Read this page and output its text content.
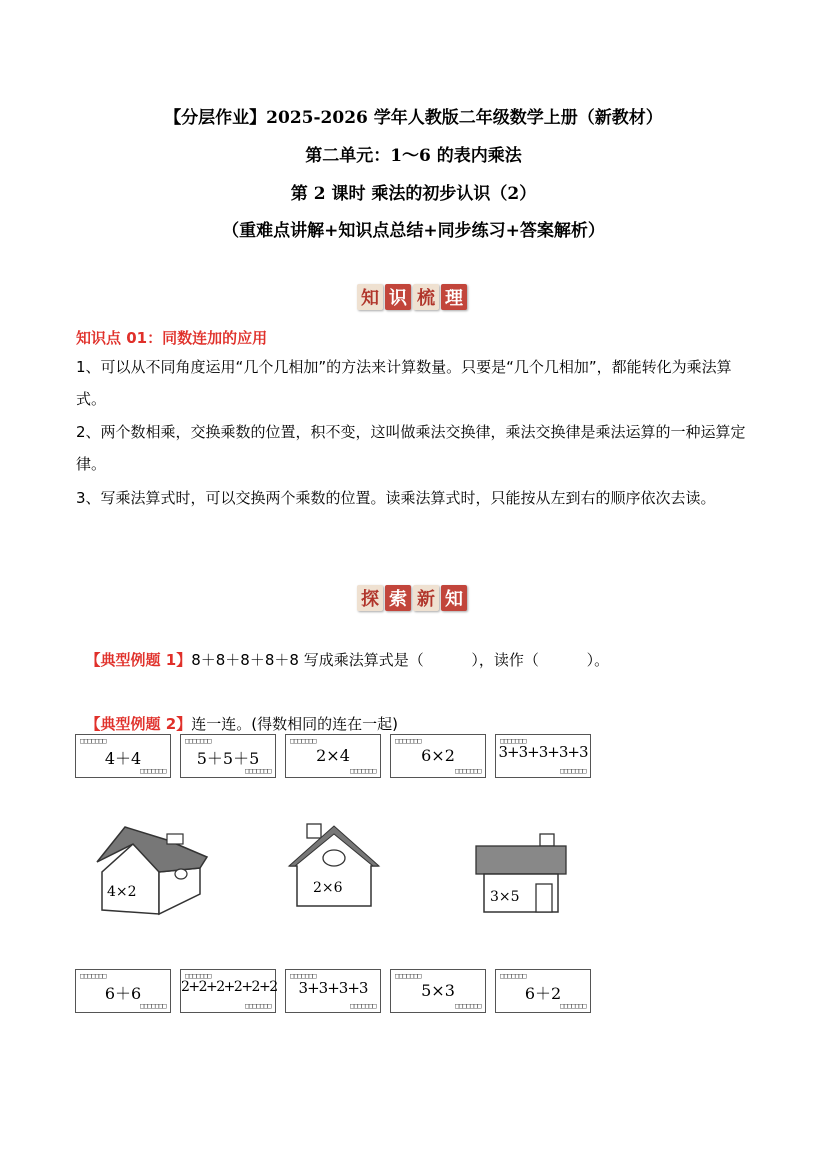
【分层作业】2025-2026 学年人教版二年级数学上册（新教材）
第二单元：1～6 的表内乘法
第 2 课时 乘法的初步认识（2）
（重难点讲解+知识点总结+同步练习+答案解析）
知 识 梳 理
知识点 01：同数连加的应用
1、可以从不同角度运用“几个几相加”的方法来计算数量。只要是“几个几相加”，都能转化为乘法算式。
2、两个数相乘，交换乘数的位置，积不变，这叫做乘法交换律，乘法交换律是乘法运算的一种运算定律。
3、写乘法算式时，可以交换两个乘数的位置。读乘法算式时，只能按从左到右的顺序依次去读。
探 索 新 知

【典型例题 1】8＋8＋8＋8＋8 写成乘法算式是（          ），读作（          ）。

【典型例题 2】连一连。(得数相同的连在一起)

□□□□□□□
4＋4
□□□□□□□
□□□□□□□
5＋5＋5
□□□□□□□
□□□□□□□
2×4
□□□□□□□
□□□□□□□
6×2
□□□□□□□
□□□□□□□
3+3+3+3+3
□□□□□□□
4×2	2×6
3×5
□□□□□□□
6＋6
□□□□□□□
□□□□□□□
2+2+2+2+2+2
□□□□□□□
□□□□□□□
3+3+3+3
□□□□□□□
□□□□□□□
5×3
□□□□□□□
□□□□□□□
6＋2
□□□□□□□
